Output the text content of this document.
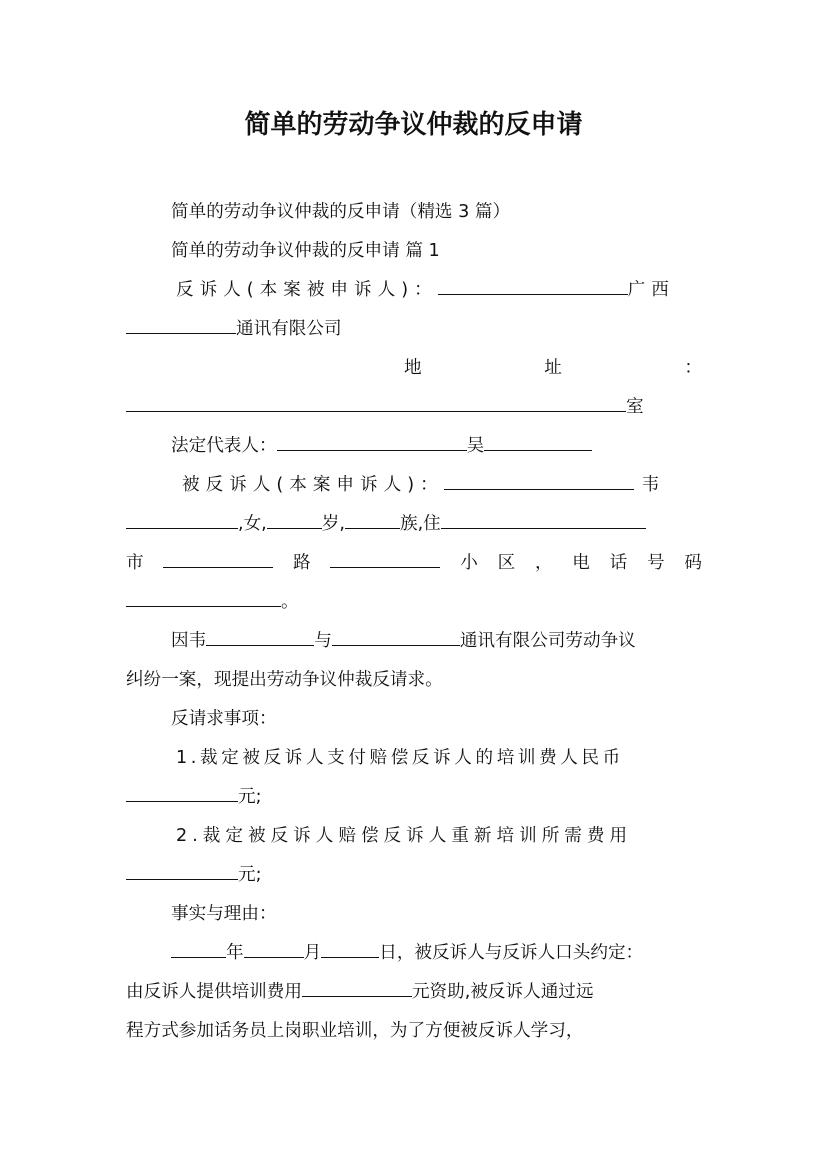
简单的劳动争议仲裁的反申请
简单的劳动争议仲裁的反申请（精选 3 篇）
简单的劳动争议仲裁的反申请 篇 1
反诉人(本案被申诉人)：	广西
通讯有限公司
地	址	：
室
法定代表人：	吴
被反诉人(本案申诉人)：	韦
,女,	岁,	族,住
市	路	小 区 ， 电 话 号 码
。
因韦	与	通讯有限公司劳动争议
纠纷一案，现提出劳动争议仲裁反请求。
反请求事项：
1.裁定被反诉人支付赔偿反诉人的培训费人民币
元;
2.裁定被反诉人赔偿反诉人重新培训所需费用
元;
事实与理由：
年	月	日，被反诉人与反诉人口头约定：
由反诉人提供培训费用	元资助,被反诉人通过远
程方式参加话务员上岗职业培训，为了方便被反诉人学习，
